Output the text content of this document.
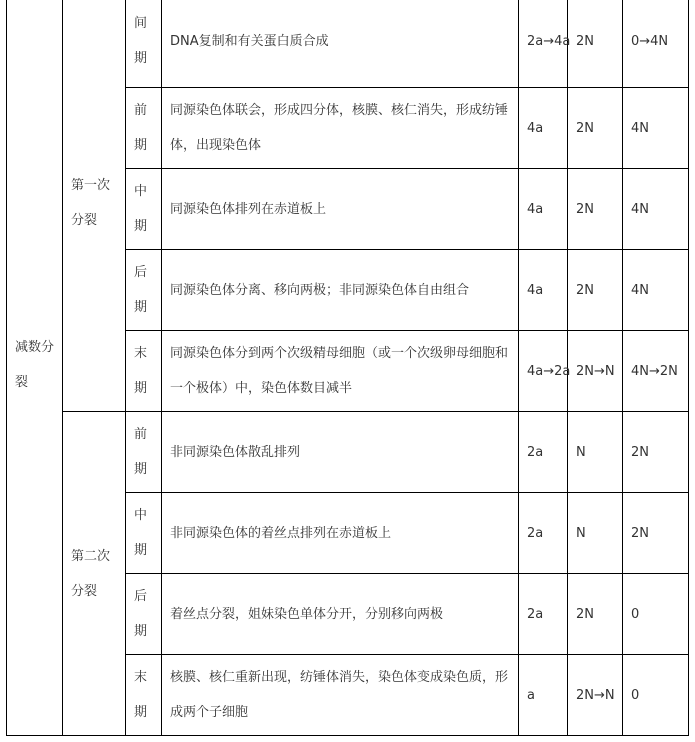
减数分裂	第一次分裂	间期	DNA复制和有关蛋白质合成	2a→4a	2N	0→4N
		前期	同源染色体联会，形成四分体，核膜、核仁消失，形成纺锤体，出现染色体	4a	2N	4N
		中期	同源染色体排列在赤道板上	4a	2N	4N
		后期	同源染色体分离、移向两极；非同源染色体自由组合	4a	2N	4N
		末期	同源染色体分到两个次级精母细胞（或一个次级卵母细胞和一个极体）中，染色体数目减半	4a→2a	2N→N	4N→2N
	第二次分裂	前期	非同源染色体散乱排列	2a	N	2N
		中期	非同源染色体的着丝点排列在赤道板上	2a	N	2N
		后期	着丝点分裂，姐妹染色单体分开，分别移向两极	2a	2N	0
		末期	核膜、核仁重新出现，纺锤体消失，染色体变成染色质，形成两个子细胞	a	2N→N	0
